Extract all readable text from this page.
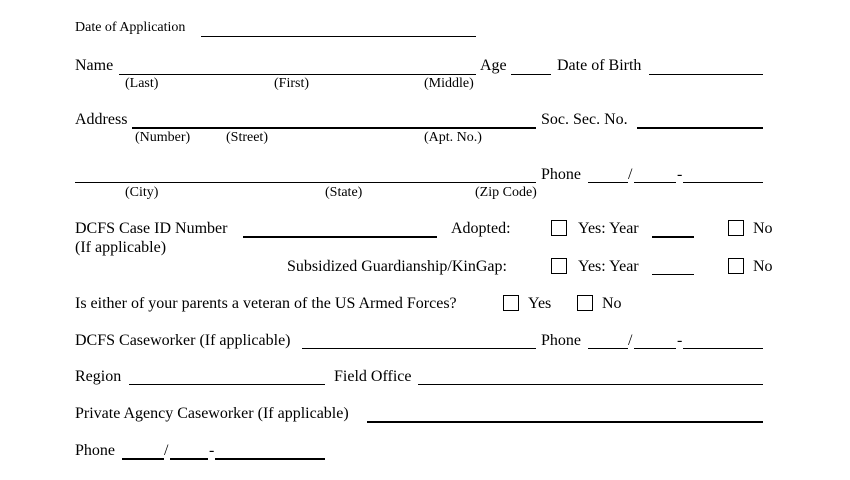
Date of Application
Name	Age	Date of Birth
(Last)	(First)	(Middle)
Address	Soc. Sec. No.
(Number)	(Street)	(Apt. No.)
Phone	/	-
(City)	(State)	(Zip Code)
DCFS Case ID Number
(If applicable)
Adopted:	Yes: Year	No
Subsidized Guardianship/KinGap:	Yes: Year	No
Is either of your parents a veteran of the US Armed Forces?	Yes	No
DCFS Caseworker (If applicable)	Phone	/	-
Region	Field Office
Private Agency Caseworker (If applicable)
Phone	/	-
